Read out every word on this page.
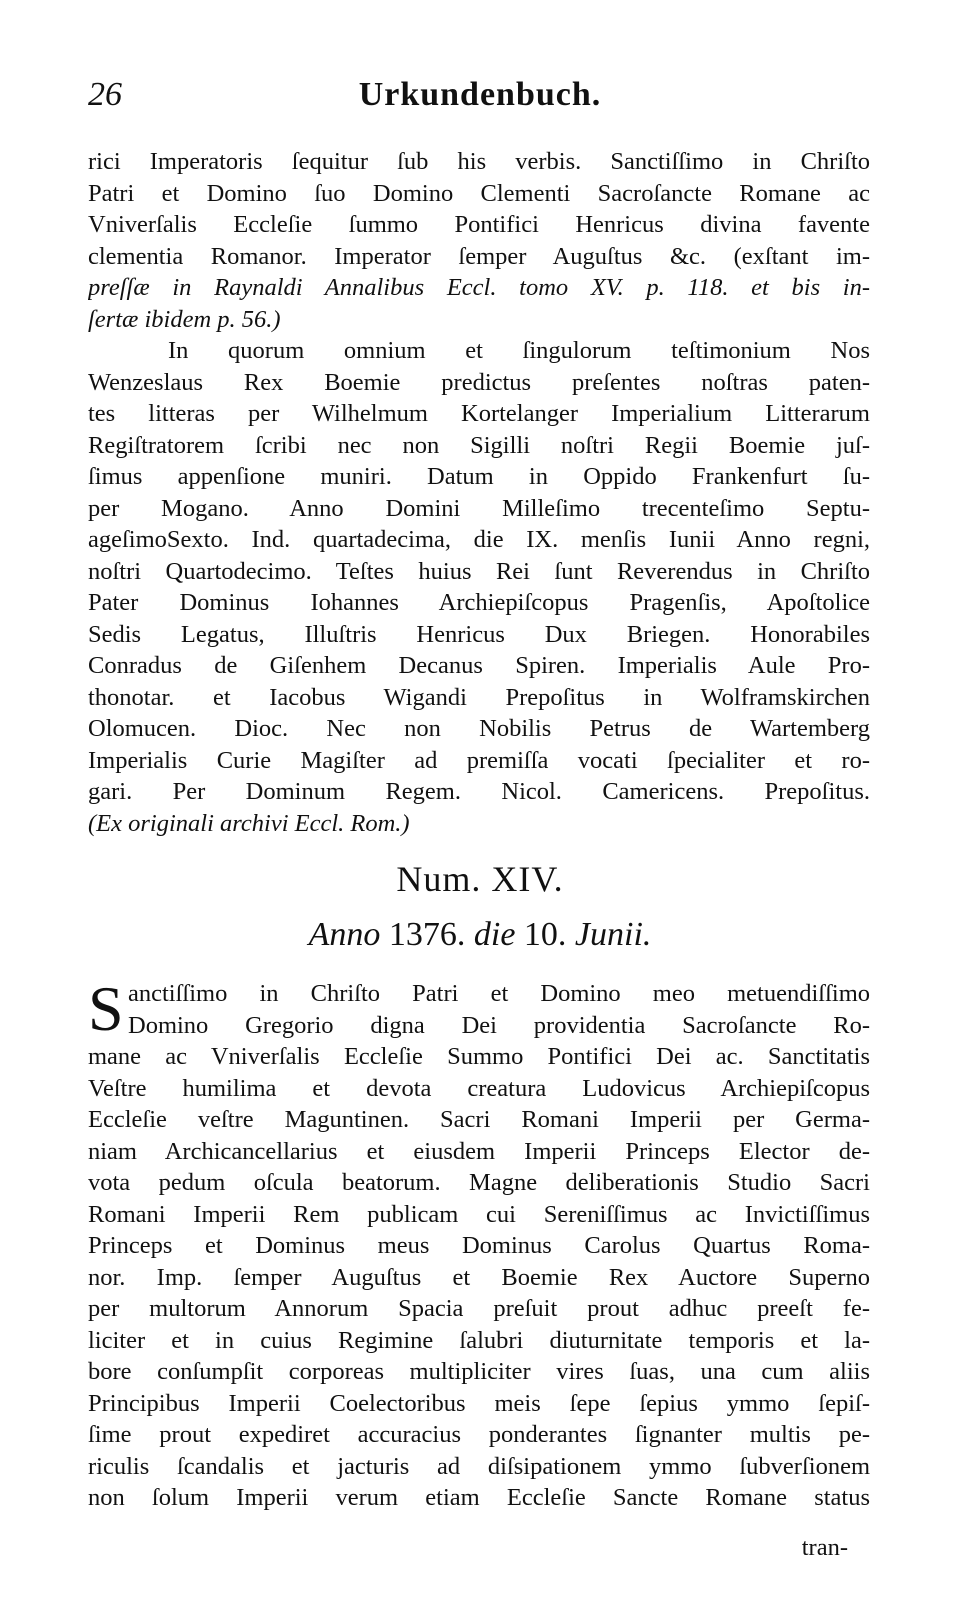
26	Urkundenbuch.
rici Imperatoris ſequitur ſub his verbis. Sanctiſſimo in Chriſto
Patri et Domino ſuo Domino Clementi Sacroſancte Romane ac
Vniverſalis Eccleſie ſummo Pontifici Henricus divina favente
clementia Romanor. Imperator ſemper Auguſtus &c. (exſtant im-
preſſæ in Raynaldi Annalibus Eccl. tomo XV. p. 118. et bis in-
ſertæ ibidem p. 56.)
In quorum omnium et ſingulorum teſtimonium Nos
Wenzeslaus Rex Boemie predictus preſentes noſtras paten-
tes litteras per Wilhelmum Kortelanger Imperialium Litterarum
Regiſtratorem ſcribi nec non Sigilli noſtri Regii Boemie juſ-
ſimus appenſione muniri. Datum in Oppido Frankenfurt ſu-
per Mogano. Anno Domini Milleſimo trecenteſimo Septu-
ageſimoSexto. Ind. quartadecima, die IX. menſis Iunii Anno regni,
noſtri Quartodecimo. Teſtes huius Rei ſunt Reverendus in Chriſto
Pater Dominus Iohannes Archiepiſcopus Pragenſis, Apoſtolice
Sedis Legatus, Illuſtris Henricus Dux Briegen. Honorabiles
Conradus de Giſenhem Decanus Spiren. Imperialis Aule Pro-
thonotar. et Iacobus Wigandi Prepoſitus in Wolframskirchen
Olomucen. Dioc. Nec non Nobilis Petrus de Wartemberg
Imperialis Curie Magiſter ad premiſſa vocati ſpecialiter et ro-
gari. Per Dominum Regem. Nicol. Camericens. Prepoſitus.
(Ex originali archivi Eccl. Rom.)
Num. XIV.
Anno 1376. die 10. Junii.
S anctiſſimo in Chriſto Patri et Domino meo metuendiſſimo
Domino Gregorio digna Dei providentia Sacroſancte Ro-
mane ac Vniverſalis Eccleſie Summo Pontifici Dei ac. Sanctitatis
Veſtre humilima et devota creatura Ludovicus Archiepiſcopus
Eccleſie veſtre Maguntinen. Sacri Romani Imperii per Germa-
niam Archicancellarius et eiusdem Imperii Princeps Elector de-
vota pedum oſcula beatorum. Magne deliberationis Studio Sacri
Romani Imperii Rem publicam cui Sereniſſimus ac Invictiſſimus
Princeps et Dominus meus Dominus Carolus Quartus Roma-
nor. Imp. ſemper Auguſtus et Boemie Rex Auctore Superno
per multorum Annorum Spacia preſuit prout adhuc preeſt fe-
liciter et in cuius Regimine ſalubri diuturnitate temporis et la-
bore conſumpſit corporeas multipliciter vires ſuas, una cum aliis
Principibus Imperii Coelectoribus meis ſepe ſepius ymmo ſepiſ-
ſime prout expediret accuracius ponderantes ſignanter multis pe-
riculis ſcandalis et jacturis ad diſsipationem ymmo ſubverſionem
non ſolum Imperii verum etiam Eccleſie Sancte Romane status
tran-
